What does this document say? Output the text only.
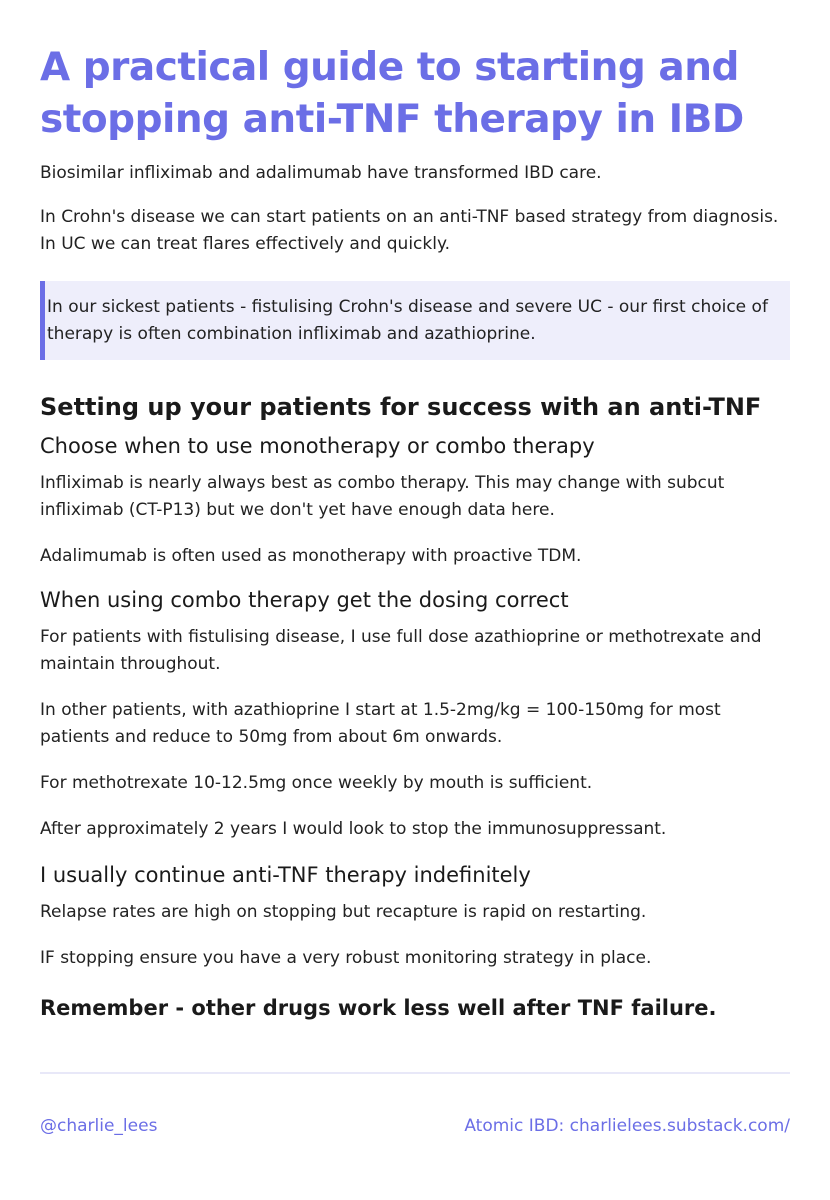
A practical guide to starting and
stopping anti-TNF therapy in IBD

Biosimilar infliximab and adalimumab have transformed IBD care.

In Crohn's disease we can start patients on an anti-TNF based strategy from diagnosis. In UC we can treat flares effectively and quickly.

In our sickest patients - fistulising Crohn's disease and severe UC - our first choice of therapy is often combination infliximab and azathioprine.

Setting up your patients for success with an anti-TNF
Choose when to use monotherapy or combo therapy

Infliximab is nearly always best as combo therapy. This may change with subcut infliximab (CT-P13) but we don't yet have enough data here.

Adalimumab is often used as monotherapy with proactive TDM.

When using combo therapy get the dosing correct

For patients with fistulising disease, I use full dose azathioprine or methotrexate and maintain throughout.

In other patients, with azathioprine I start at 1.5-2mg/kg = 100-150mg for most patients and reduce to 50mg from about 6m onwards.

For methotrexate 10-12.5mg once weekly by mouth is sufficient.

After approximately 2 years I would look to stop the immunosuppressant.

I usually continue anti-TNF therapy indefinitely

Relapse rates are high on stopping but recapture is rapid on restarting.

IF stopping ensure you have a very robust monitoring strategy in place.

Remember - other drugs work less well after TNF failure.
@charlie_lees	Atomic IBD: charlielees.substack.com/
